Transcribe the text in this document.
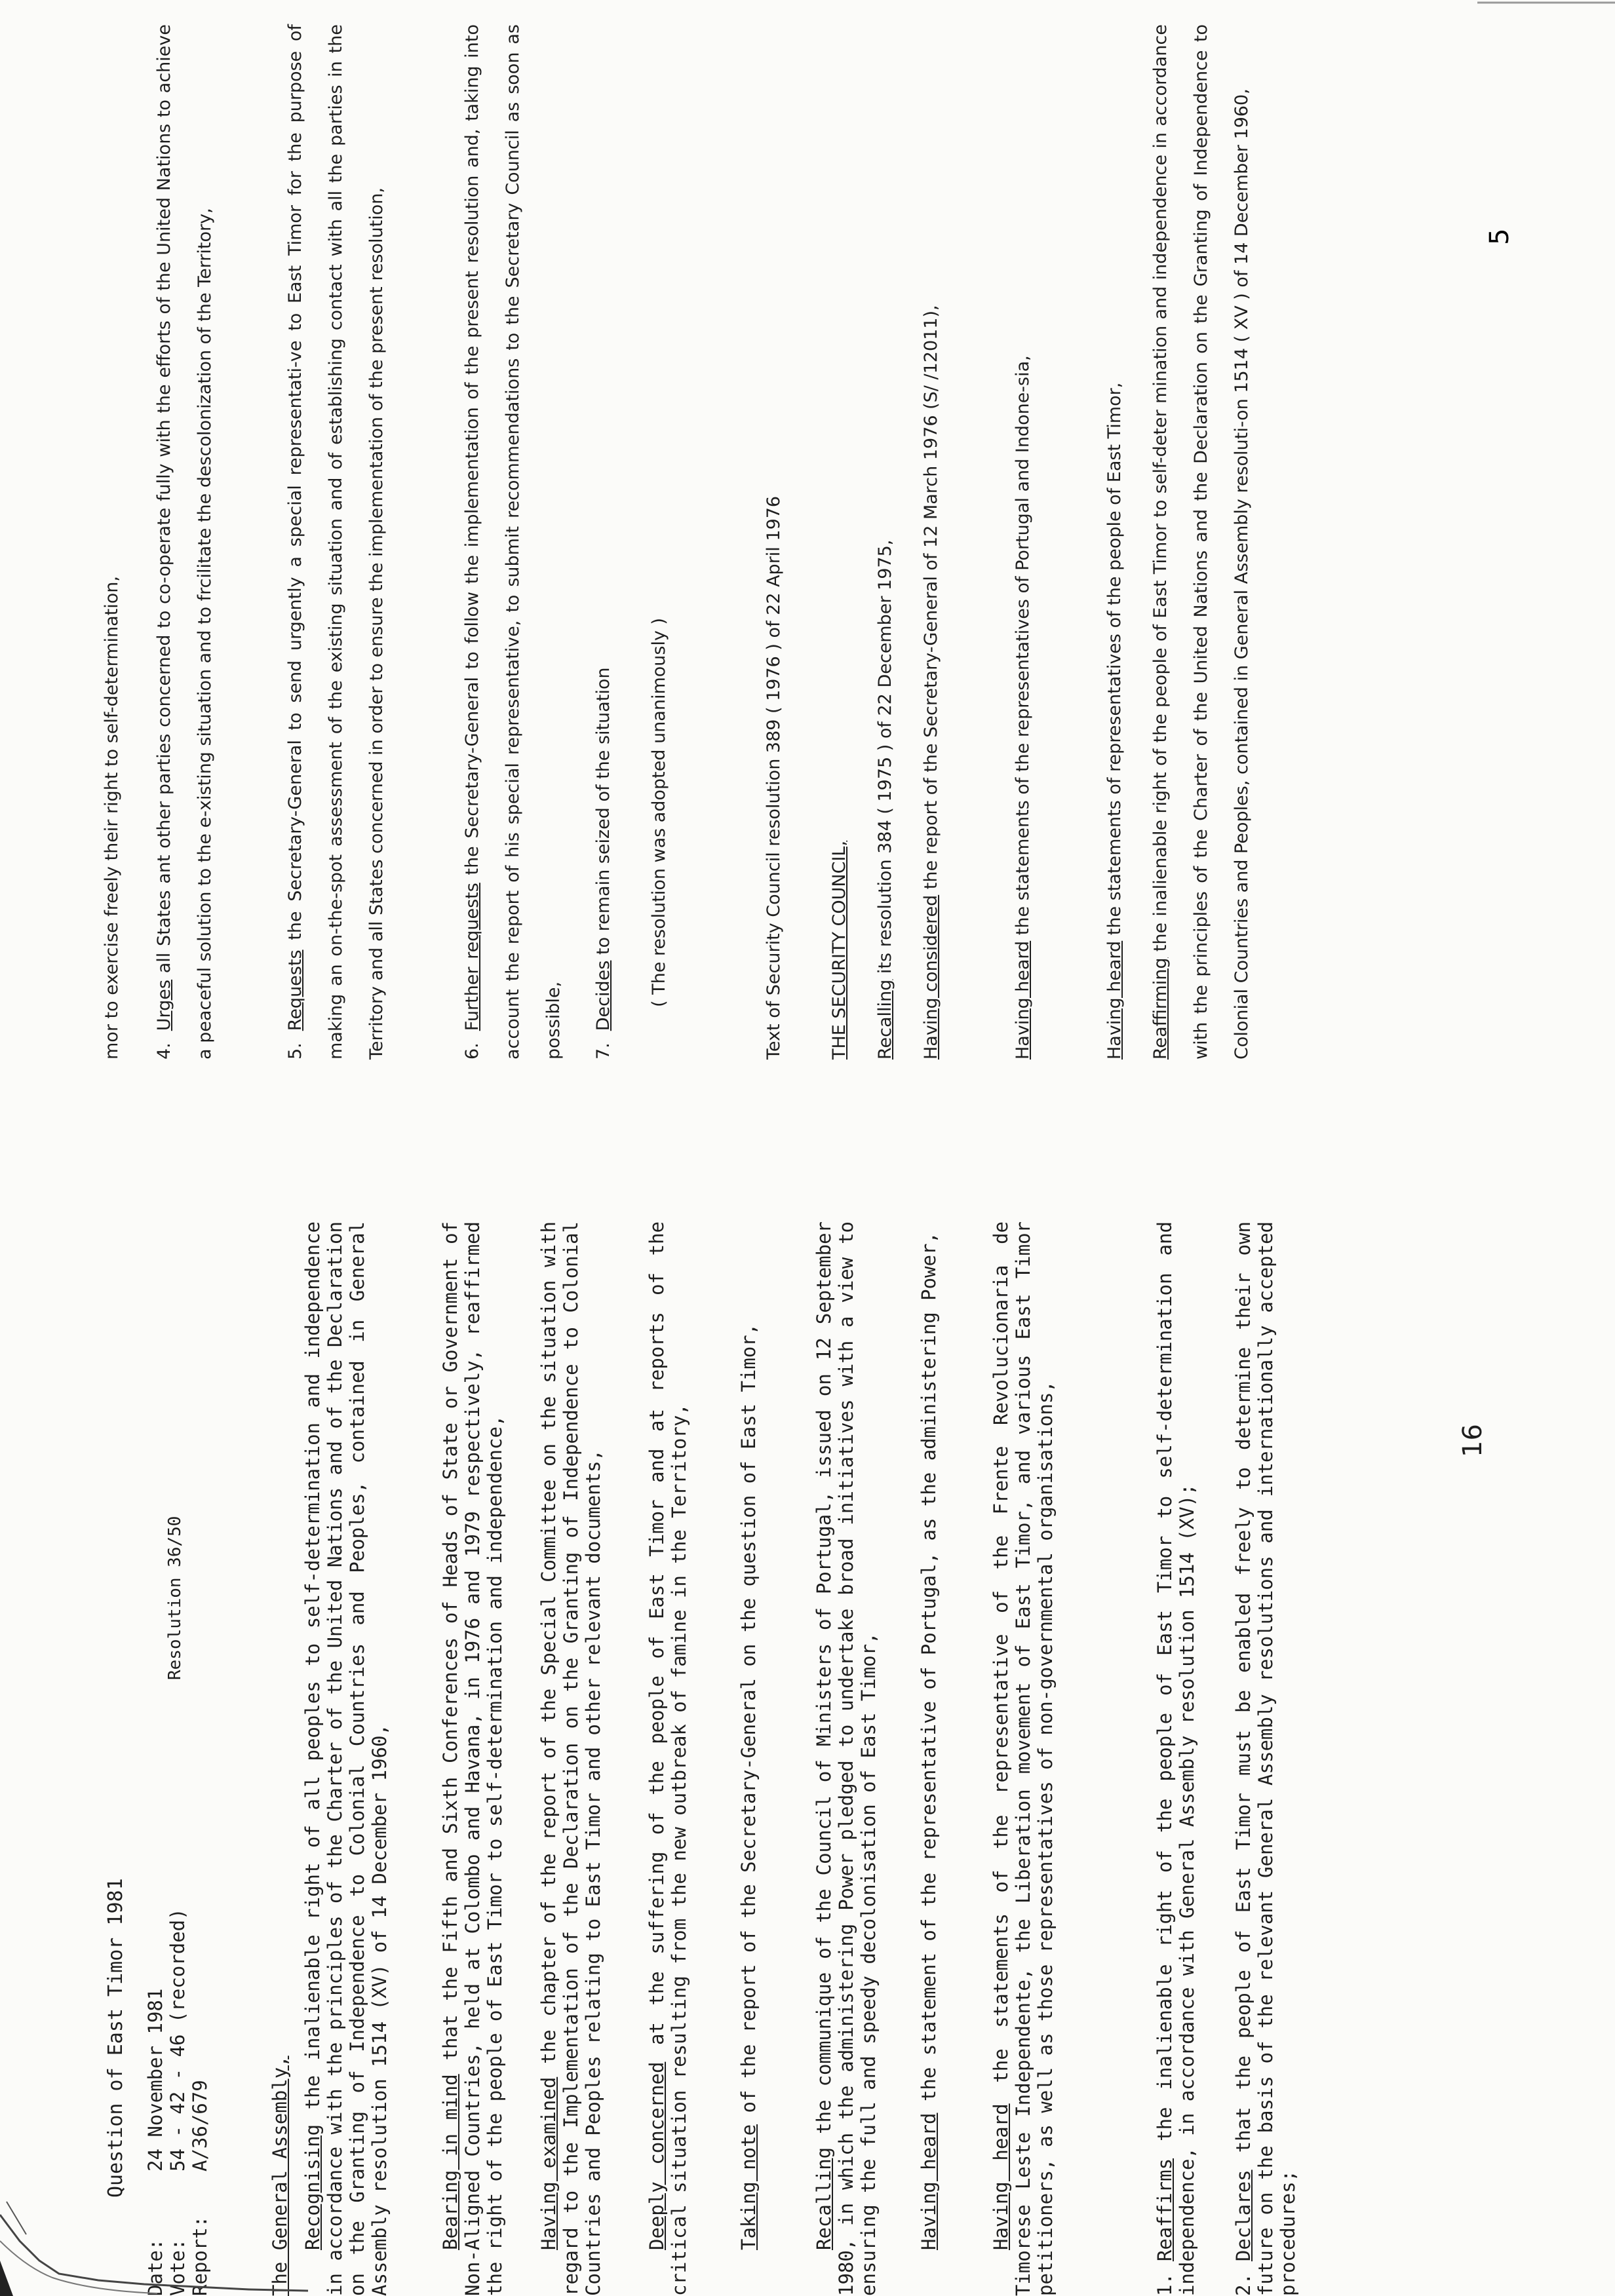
Question of East Timor 1981
Resolution 36/50
Date:
24 November 1981
Vote:
54 - 42 - 46 (recorded)
Report:
A/36/679	The General Assembly, Recognising the inalienable right of all peoples to self-determination and independence in accordance with the principles of the Charter of the United Nations and of the Declaration on the Granting of Independence to Colonial Countries and Peoples, contained in General Assembly resolution 1514 (XV) of 14 December 1960,	Bearing in mind that the Fifth and Sixth Conferences of Heads of State or Government of Non-Aligned Countries, held at Colombo and Havana, in 1976 and 1979 respectively, reaffirmed the right of the people of East Timor to self-determination and independence, Having examined the chapter of the report of the Special Committee on the situation with regard to the Implementation of the Declaration on the Granting of Independence to Colonial Countries and Peoples relating to East Timor and other relevant documents, Deeply concerned at the suffering of the people of East Timor and at reports of the critical situation resulting from the new outbreak of famine in the Territory, Taking note of the report of the Secretary-General on the question of East Timor,
Recalling the communique of the Council of Ministers of Portugal, issued on 12 September 1980, in which the administering Power pledged to undertake broad initiatives with a view to ensuring the full and speedy decolonisation of East Timor, Having heard the statement of the representative of Portugal, as the administering Power,
Having heard the statements of the representative of the Frente Revolucionaria de Timorese Leste Independente, the Liberation movement of East Timor, and various East Timor petitioners, as well as those representatives of non-governmental organisations,	1.Reaffirms the inalienable right of the people of East Timor to self-determination and independence, in accordance with General Assembly resolution 1514 (XV); 2.Declares that the people of East Timor must be enabled freely to determine their own future on the basis of the relevant General Assembly resolutions and internationally accepted procedures;
16
mor to exercise freely their right to self-determination,	4.Urges all States ant other parties concerned to co-operate fully with the efforts of the United Nations to achieve a peaceful solution to the e-xisting situation and to frcilitate the descolonization of the Territory,	5.Requests the Secretary-General to send urgently a special representati-ve to East Timor for the purpose of making an on-the-spot assessment of the existing situation and of establishing contact with all the parties in the Territory and all States concerned in order to ensure the implementation of the present resolution,	6.Further requests the Secretary-General to follow the implementation of the present resolution and, taking into account the report of his special representative, to submit recommendations to the Secretary Council as soon as possible,	7.Decides to remain seized of the situation	( The resolution was adopted unanimously )	Text of Security Council resolution 389 ( 1976 ) of 22 April 1976	THE SECURITY COUNCIL,	Recalling its resolution 384 ( 1975 ) of 22 December 1975,	Having considered the report of the Secretary-General of 12 March 1976 (S/ /12011),
Having heard the statements of the representatives of Portugal and Indone-sia,
Having heard the statements of representatives of the people of East Timor,
Reaffirming the inalienable right of the people of East Timor to self-deter mination and independence in accordance with the principles of the Charter of the United Nations and the Declaration on the Granting of Independence to Colonial Countries and Peoples, contained in General Assembly resoluti-on 1514 ( XV ) of 14 December 1960,	5
